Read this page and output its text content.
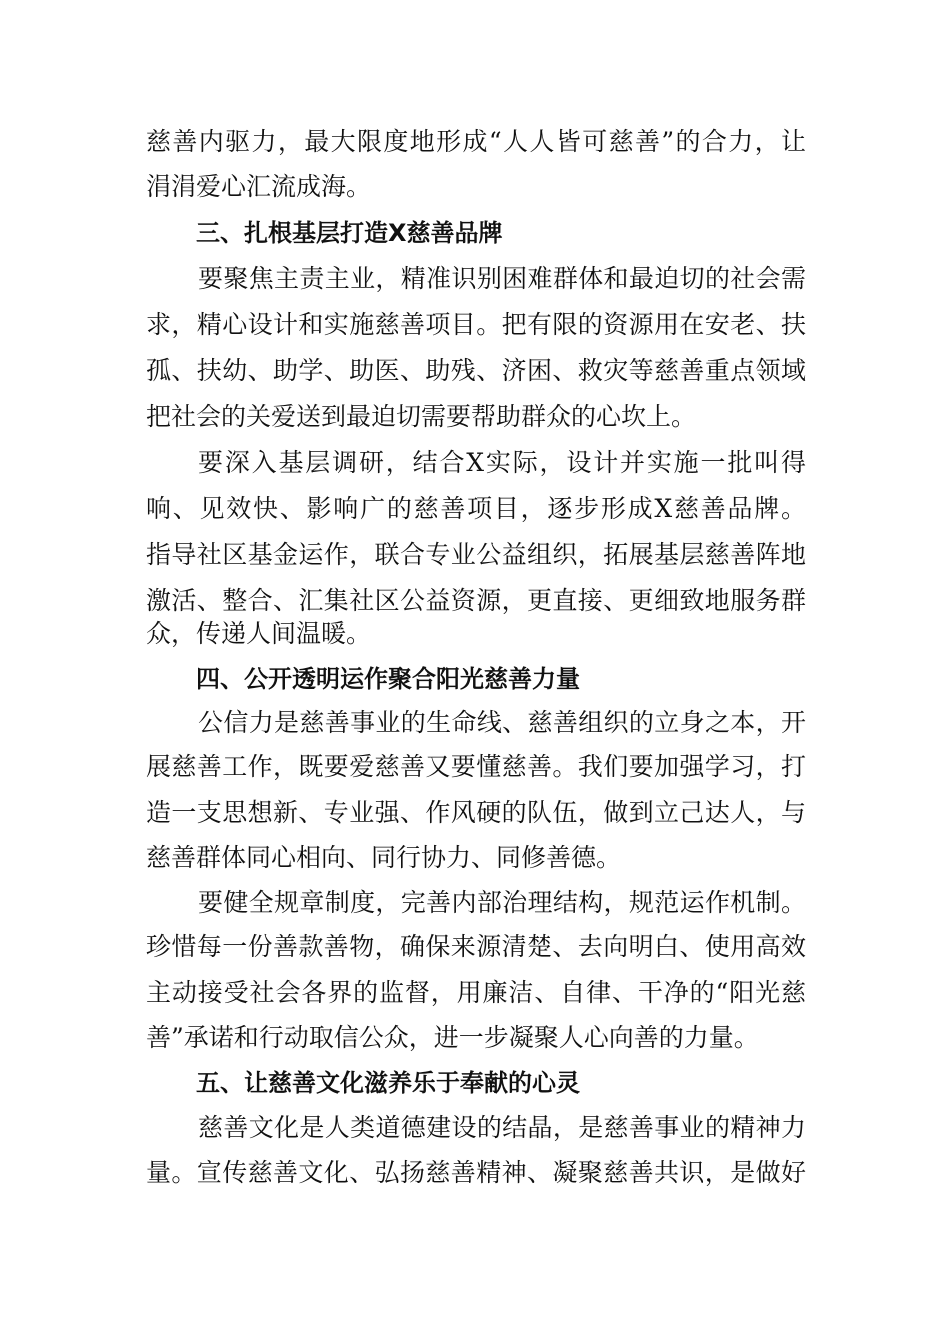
慈善内驱力，最大限度地形成“人人皆可慈善”的合力，让
涓涓爱心汇流成海。
三、扎根基层打造X慈善品牌
要聚焦主责主业，精准识别困难群体和最迫切的社会需
求，精心设计和实施慈善项目。把有限的资源用在安老、扶
孤、扶幼、助学、助医、助残、济困、救灾等慈善重点领域
把社会的关爱送到最迫切需要帮助群众的心坎上。
要深入基层调研，结合X实际，设计并实施一批叫得
响、见效快、影响广的慈善项目，逐步形成X慈善品牌。
指导社区基金运作，联合专业公益组织，拓展基层慈善阵地
激活、整合、汇集社区公益资源，更直接、更细致地服务群
众，传递人间温暖。
四、公开透明运作聚合阳光慈善力量
公信力是慈善事业的生命线、慈善组织的立身之本，开
展慈善工作，既要爱慈善又要懂慈善。我们要加强学习，打
造一支思想新、专业强、作风硬的队伍，做到立己达人，与
慈善群体同心相向、同行协力、同修善德。
要健全规章制度，完善内部治理结构，规范运作机制。
珍惜每一份善款善物，确保来源清楚、去向明白、使用高效
主动接受社会各界的监督，用廉洁、自律、干净的“阳光慈
善”承诺和行动取信公众，进一步凝聚人心向善的力量。
五、让慈善文化滋养乐于奉献的心灵
慈善文化是人类道德建设的结晶，是慈善事业的精神力
量。宣传慈善文化、弘扬慈善精神、凝聚慈善共识，是做好
